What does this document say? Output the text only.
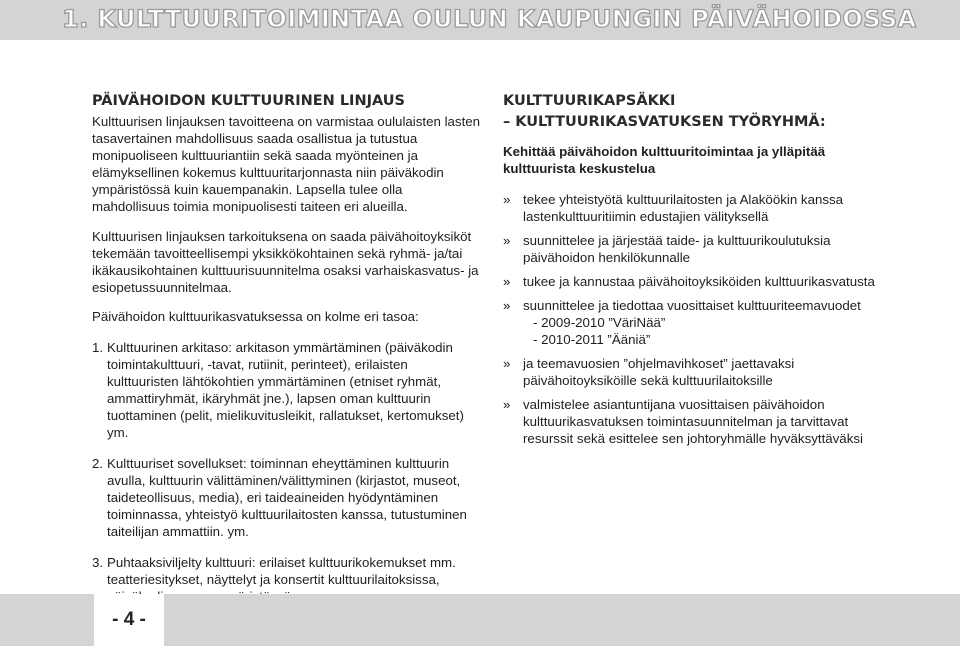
1. KULTTUURITOIMINTAA OULUN KAUPUNGIN PÄIVÄHOIDOSSA
PÄIVÄHOIDON KULTTUURINEN LINJAUS

Kulttuurisen linjauksen tavoitteena on varmistaa oululaisten lasten tasavertainen mahdollisuus saada osallistua ja tutustua monipuoliseen kulttuuriantiin sekä saada myönteinen ja elämyksellinen kokemus kulttuuritarjonnasta niin päiväkodin ympäristössä kuin kauempanakin. Lapsella tulee olla mahdollisuus toimia monipuolisesti taiteen eri alueilla.

Kulttuurisen linjauksen tarkoituksena on saada päivähoitoyksiköt tekemään tavoitteellisempi yksikkökohtainen sekä ryhmä- ja/tai ikäkausikohtainen kulttuurisuunnitelma osaksi varhaiskasvatus- ja esiopetussuunnitelmaa.

Päivähoidon kulttuurikasvatuksessa on kolme eri tasoa:

1. Kulttuurinen arkitaso: arkitason ymmärtäminen (päiväkodin toimintakulttuuri, -tavat, rutiinit, perinteet), erilaisten kulttuuristen lähtökohtien ymmärtäminen (etniset ryhmät, ammattiryhmät, ikäryhmät jne.), lapsen oman kulttuurin tuottaminen (pelit, mielikuvitusleikit, rallatukset, kertomukset) ym.
2. Kulttuuriset sovellukset: toiminnan eheyttäminen kulttuurin avulla, kulttuurin välittäminen/välittyminen (kirjastot, museot, taideteollisuus, media), eri taideaineiden hyödyntäminen toiminnassa, yhteistyö kulttuurilaitosten kanssa, tutustuminen taiteilijan ammattiin. ym.
3. Puhtaaksiviljelty kulttuuri: erilaiset kulttuurikokemukset mm. teatteriesitykset, näyttelyt ja konsertit kulttuurilaitoksissa,
KULTTUURIKAPSÄKKI
– KULTTUURIKASVATUKSEN TYÖRYHMÄ:

Kehittää päivähoidon kulttuuritoimintaa ja ylläpitää kulttuurista keskustelua

» tekee yhteistyötä kulttuurilaitosten ja Alaköökin kanssa lastenkulttuuritiimin edustajien välityksellä
» suunnittelee ja järjestää taide- ja kulttuurikoulutuksia päivähoidon henkilökunnalle
» tukee ja kannustaa päivähoitoyksiköiden kulttuurikasvatusta
» suunnittelee ja tiedottaa vuosittaiset kulttuuriteemavuodet
- 2009-2010 ”VäriNää”
- 2010-2011 ”Ääniä”
» ja teemavuosien ”ohjelmavihkoset” jaettavaksi päivähoitoyksiköille sekä kulttuurilaitoksille
» valmistelee asiantuntijana vuosittaisen päivähoidon kulttuurikasvatuksen toimintasuunnitelman ja tarvittavat resurssit sekä esittelee sen johtoryhmälle hyväksyttäväksi
- 4 -
